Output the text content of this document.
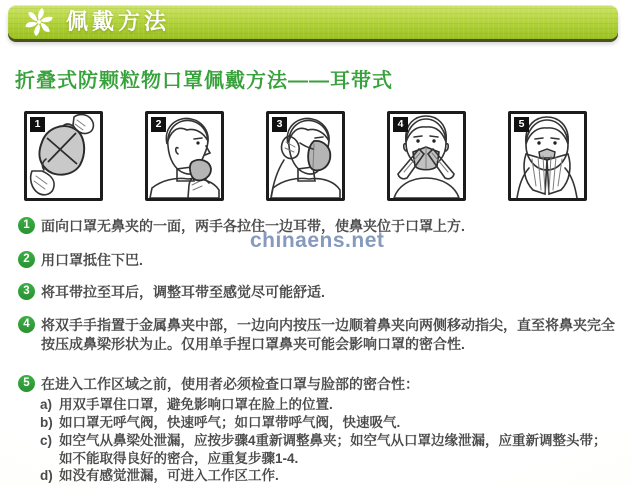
佩戴方法
折叠式防颗粒物口罩佩戴方法——耳带式
1	2	3	4	5
1 面向口罩无鼻夹的一面，两手各拉住一边耳带，使鼻夹位于口罩上方.
2 用口罩抵住下巴.
3 将耳带拉至耳后，调整耳带至感觉尽可能舒适.
4 将双手手指置于金属鼻夹中部，一边向内按压一边顺着鼻夹向两侧移动指尖，直至将鼻夹完全按压成鼻梁形状为止。仅用单手捏口罩鼻夹可能会影响口罩的密合性.
5 在进入工作区域之前，使用者必须检查口罩与脸部的密合性：
a) 用双手罩住口罩，避免影响口罩在脸上的位置.
b) 如口罩无呼气阀，快速呼气；如口罩带呼气阀，快速吸气.
c) 如空气从鼻梁处泄漏，应按步骤4重新调整鼻夹；如空气从口罩边缘泄漏，应重新调整头带；
如不能取得良好的密合，应重复步骤1-4.
d) 如没有感觉泄漏，可进入工作区工作.
chinaens.net
